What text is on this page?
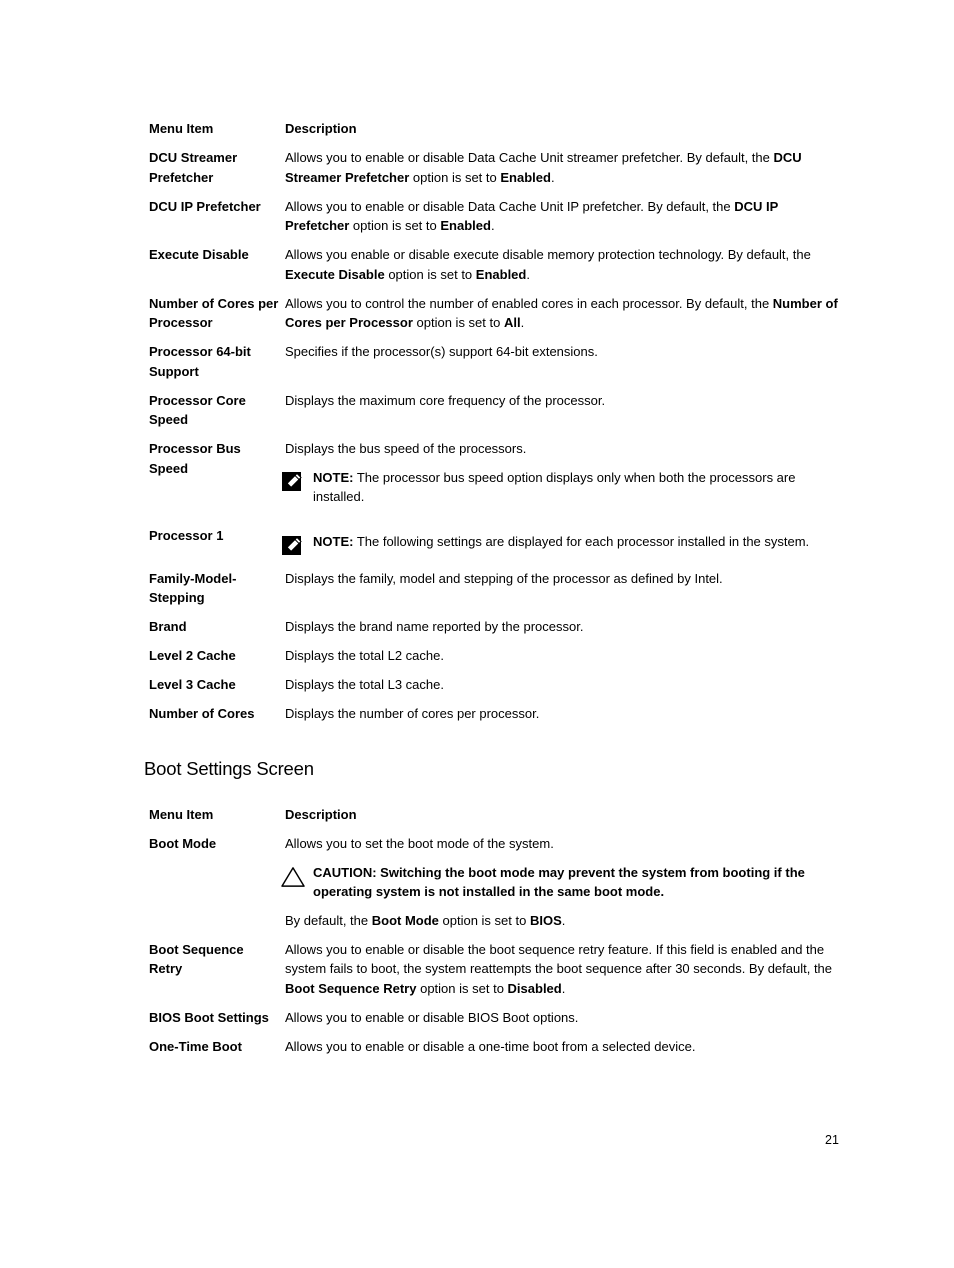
Menu Item	Description
DCU Streamer Prefetcher	Allows you to enable or disable Data Cache Unit streamer prefetcher. By default, the DCU Streamer Prefetcher option is set to Enabled.

DCU IP Prefetcher	Allows you to enable or disable Data Cache Unit IP prefetcher. By default, the DCU IP Prefetcher option is set to Enabled.

Execute Disable	Allows you enable or disable execute disable memory protection technology. By default, the Execute Disable option is set to Enabled.

Number of Cores per Processor	Allows you to control the number of enabled cores in each processor. By default, the Number of Cores per Processor option is set to All.

Processor 64-bit Support	Specifies if the processor(s) support 64-bit extensions.

Processor Core Speed	Displays the maximum core frequency of the processor.

Processor Bus Speed	Displays the bus speed of the processors.
NOTE: The processor bus speed option displays only when both the processors are installed.

Processor 1	NOTE: The following settings are displayed for each processor installed in the system.

Family-Model-Stepping	Displays the family, model and stepping of the processor as defined by Intel.

Brand	Displays the brand name reported by the processor.

Level 2 Cache	Displays the total L2 cache.

Level 3 Cache	Displays the total L3 cache.

Number of Cores	Displays the number of cores per processor.
Boot Settings Screen
Menu Item	Description
Boot Mode	Allows you to set the boot mode of the system.
CAUTION: Switching the boot mode may prevent the system from booting if the operating system is not installed in the same boot mode.
By default, the Boot Mode option is set to BIOS.

Boot Sequence Retry	Allows you to enable or disable the boot sequence retry feature. If this field is enabled and the system fails to boot, the system reattempts the boot sequence after 30 seconds. By default, the Boot Sequence Retry option is set to Disabled.

BIOS Boot Settings	Allows you to enable or disable BIOS Boot options.

One-Time Boot	Allows you to enable or disable a one-time boot from a selected device.
21
